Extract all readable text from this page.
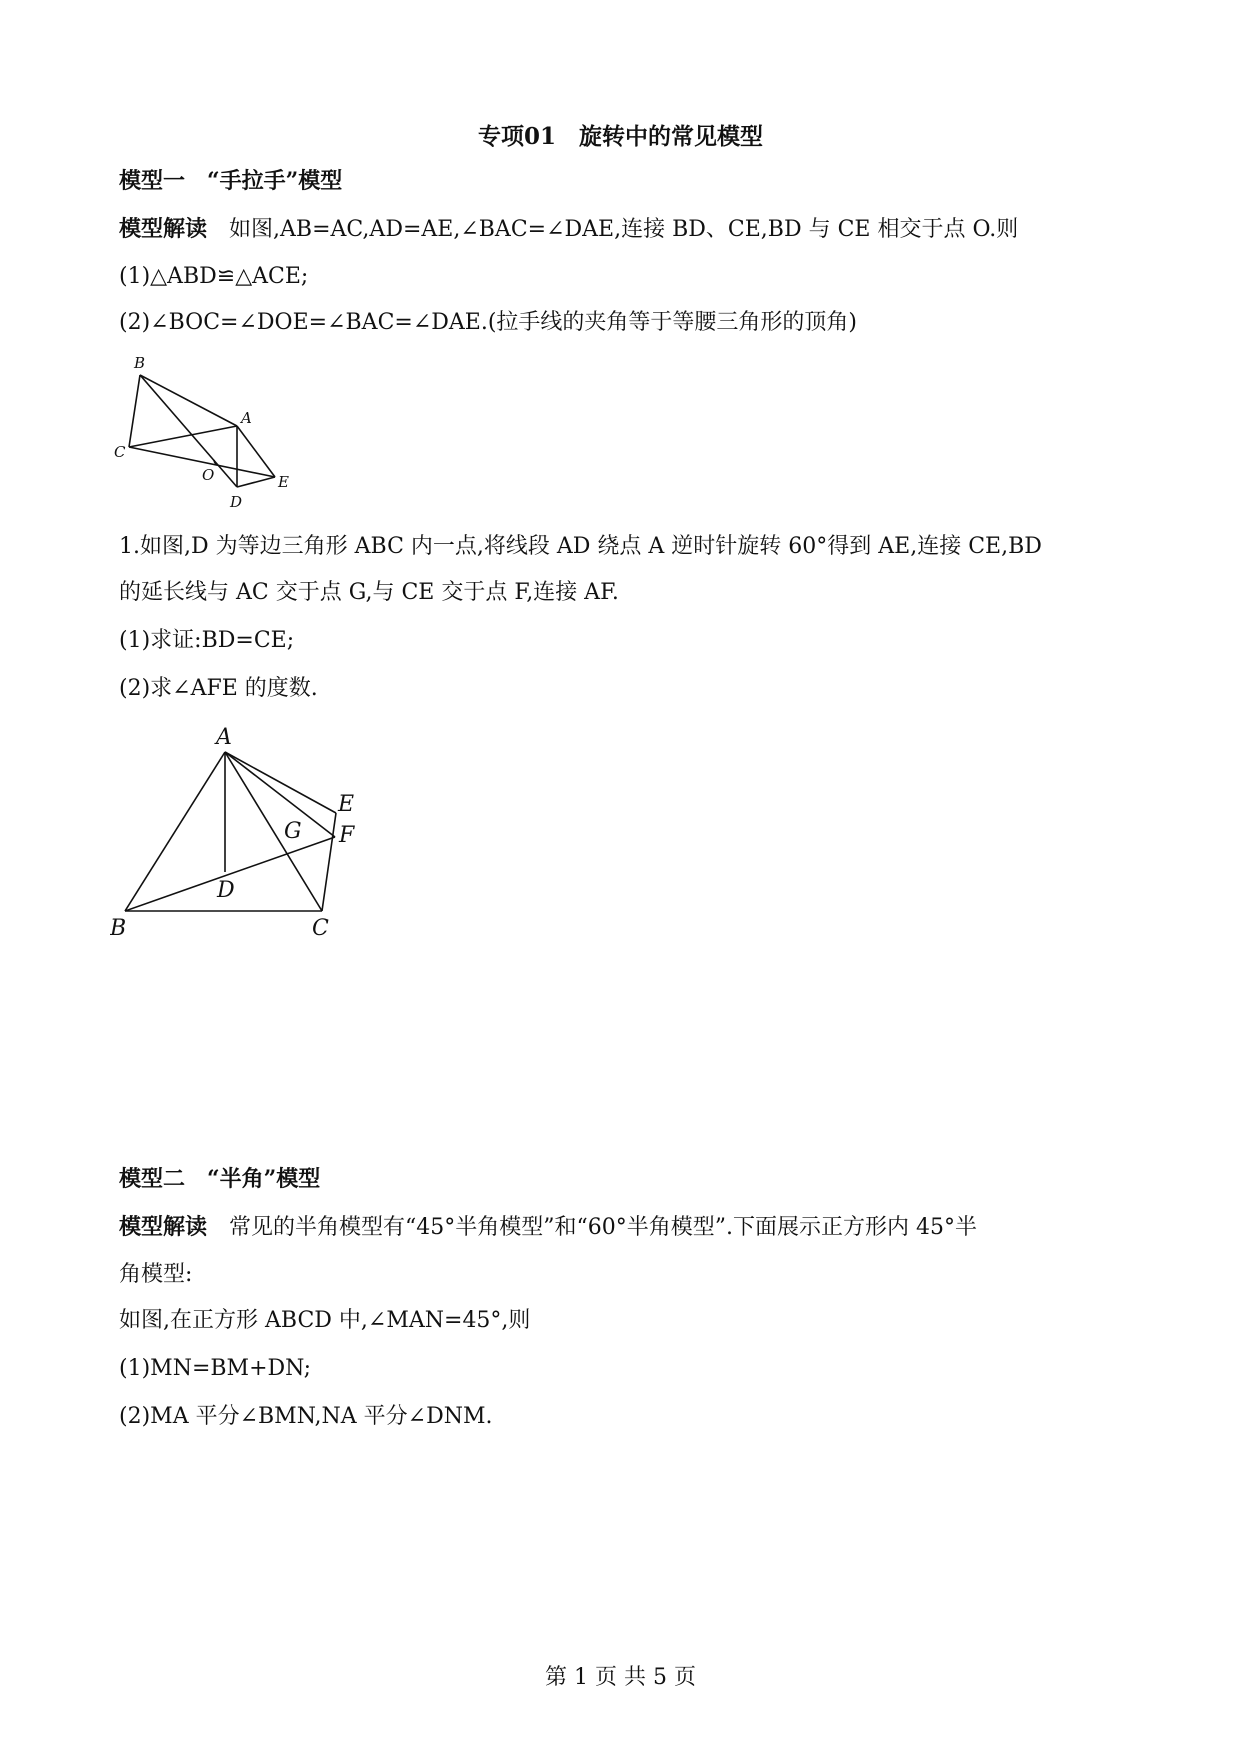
专项01　旋转中的常见模型
模型一　“手拉手”模型
模型解读 如图,AB=AC,AD=AE,∠BAC=∠DAE,连接 BD、CE,BD 与 CE 相交于点 O.则
(1)△ABD≌△ACE;
(2)∠BOC=∠DOE=∠BAC=∠DAE.(拉手线的夹角等于等腰三角形的顶角)
B
A
C
O	E
D
1.如图,D 为等边三角形 ABC 内一点,将线段 AD 绕点 A 逆时针旋转 60°得到 AE,连接 CE,BD
的延长线与 AC 交于点 G,与 CE 交于点 F,连接 AF.
(1)求证:BD=CE;
(2)求∠AFE 的度数.
A
E
G F
D
B	C
模型二　“半角”模型
模型解读 常见的半角模型有“45°半角模型”和“60°半角模型”.下面展示正方形内 45°半
角模型:
如图,在正方形 ABCD 中,∠MAN=45°,则
(1)MN=BM+DN;
(2)MA 平分∠BMN,NA 平分∠DNM.
第 1 页 共 5 页
